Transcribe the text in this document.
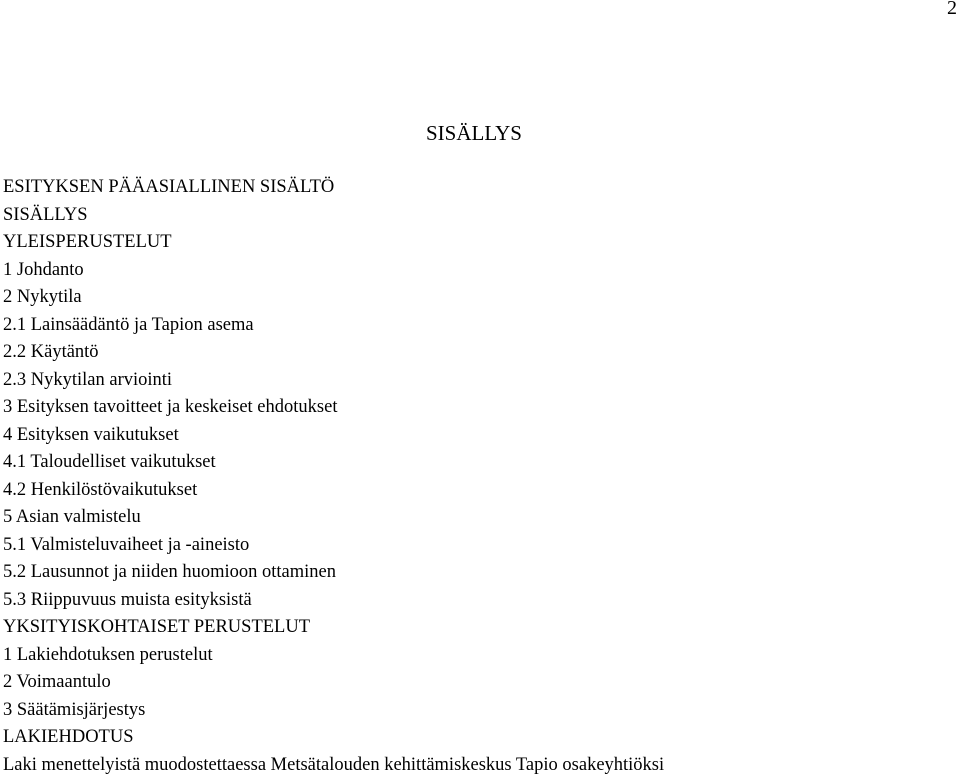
2
SISÄLLYS
ESITYKSEN PÄÄASIALLINEN SISÄLTÖ
SISÄLLYS
YLEISPERUSTELUT
1 Johdanto
2 Nykytila
2.1 Lainsäädäntö ja Tapion asema
2.2 Käytäntö
2.3 Nykytilan arviointi
3 Esityksen tavoitteet ja keskeiset ehdotukset
4 Esityksen vaikutukset
4.1 Taloudelliset vaikutukset
4.2 Henkilöstövaikutukset
5 Asian valmistelu
5.1 Valmisteluvaiheet ja -aineisto
5.2 Lausunnot ja niiden huomioon ottaminen
5.3 Riippuvuus muista esityksistä
YKSITYISKOHTAISET PERUSTELUT
1 Lakiehdotuksen perustelut
2 Voimaantulo
3 Säätämisjärjestys
LAKIEHDOTUS
Laki menettelyistä muodostettaessa Metsätalouden kehittämiskeskus Tapio osakeyhtiöksi
